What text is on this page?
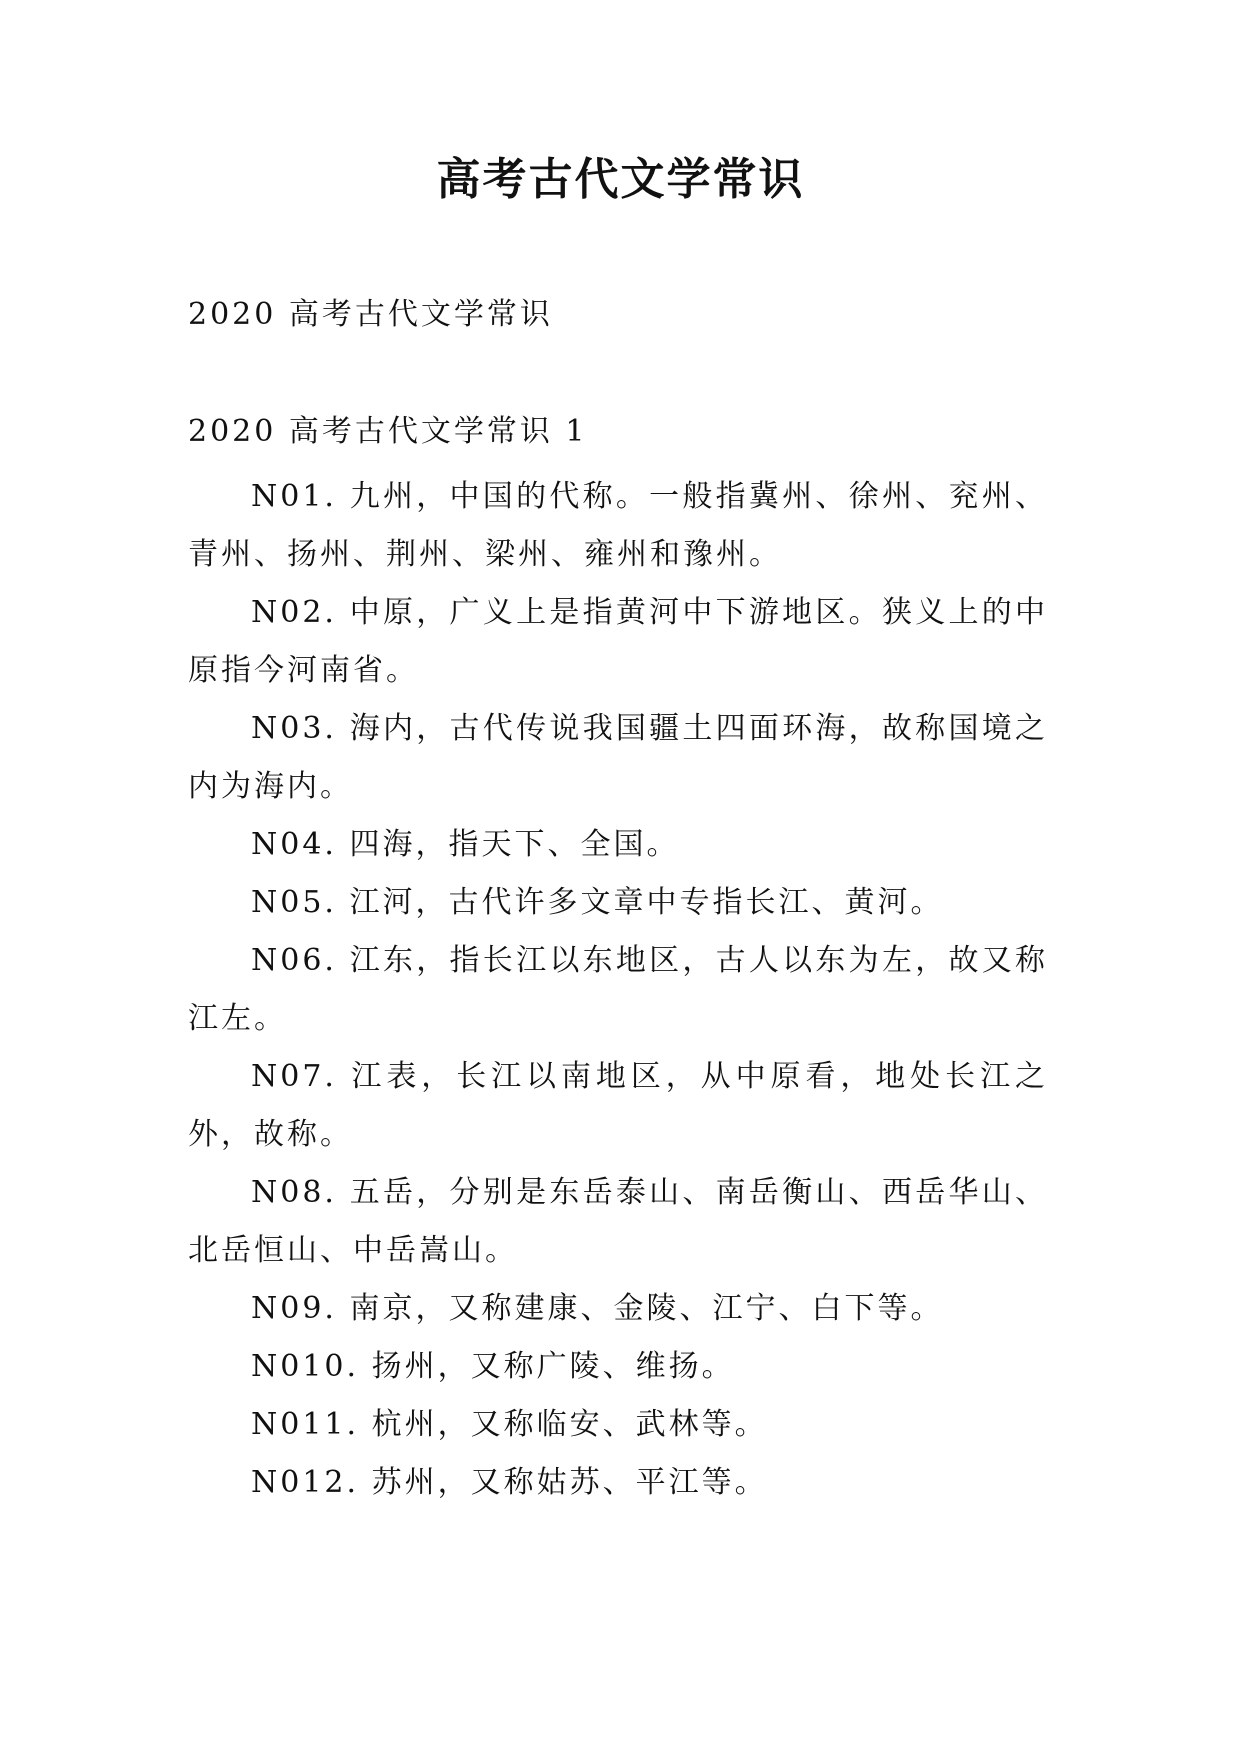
高考古代文学常识
2020 高考古代文学常识
2020 高考古代文学常识 1

N01. 九州，中国的代称。一般指冀州、徐州、兖州、青州、扬州、荆州、梁州、雍州和豫州。

N02. 中原，广义上是指黄河中下游地区。狭义上的中原指今河南省。

N03. 海内，古代传说我国疆土四面环海，故称国境之内为海内。

N04. 四海，指天下、全国。

N05. 江河，古代许多文章中专指长江、黄河。

N06. 江东，指长江以东地区，古人以东为左，故又称江左。

N07. 江表，长江以南地区，从中原看，地处长江之外，故称。

N08. 五岳，分别是东岳泰山、南岳衡山、西岳华山、北岳恒山、中岳嵩山。

N09. 南京，又称建康、金陵、江宁、白下等。

N010. 扬州，又称广陵、维扬。

N011. 杭州，又称临安、武林等。

N012. 苏州，又称姑苏、平江等。
